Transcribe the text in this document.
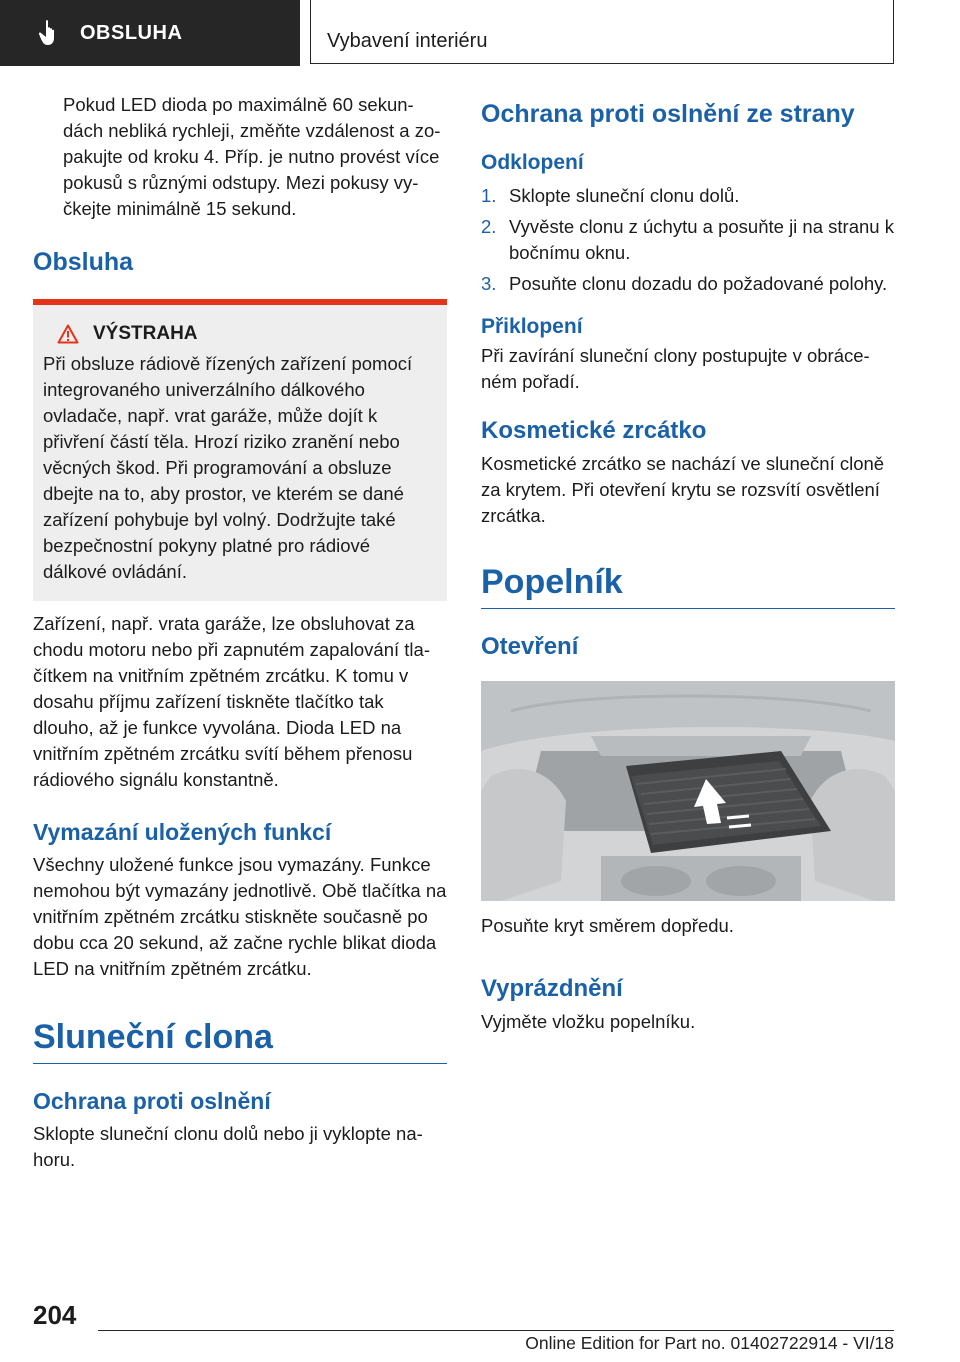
OBSLUHA	Vybavení interiéru

Pokud LED dioda po maximálně 60 sekundách nebliká rychleji, změňte vzdálenost a zopakujte od kroku 4. Příp. je nutno provést více pokusů s různými odstupy. Mezi pokusy vyčkejte minimálně 15 sekund.

Obsluha
VÝSTRAHA

Při obsluze rádiově řízených zařízení pomocí integrovaného univerzálního dálkového ovladače, např. vrat garáže, může dojít k přivření částí těla. Hrozí riziko zranění nebo věcných škod. Při programování a obsluze dbejte na to, aby prostor, ve kterém se dané zařízení pohybuje byl volný. Dodržujte také bezpečnostní pokyny platné pro rádiové dálkové ovládání.

Zařízení, např. vrata garáže, lze obsluhovat za chodu motoru nebo při zapnutém zapalování tlačítkem na vnitřním zpětném zrcátku. K tomu v dosahu příjmu zařízení tiskněte tlačítko tak dlouho, až je funkce vyvolána. Dioda LED na vnitřním zpětném zrcátku svítí během přenosu rádiového signálu konstantně.

Vymazání uložených funkcí

Všechny uložené funkce jsou vymazány. Funkce nemohou být vymazány jednotlivě. Obě tlačítka na vnitřním zpětném zrcátku stiskněte současně po dobu cca 20 sekund, až začne rychle blikat dioda LED na vnitřním zpětném zrcátku.

Sluneční clona
Ochrana proti oslnění

Sklopte sluneční clonu dolů nebo ji vyklopte nahoru.

Ochrana proti oslnění ze strany
Odklopení
1. Sklopte sluneční clonu dolů.
2. Vyvěste clonu z úchytu a posuňte ji na stranu k bočnímu oknu.
3. Posuňte clonu dozadu do požadované polohy.
Přiklopení

Při zavírání sluneční clony postupujte v obráceném pořadí.

Kosmetické zrcátko

Kosmetické zrcátko se nachází ve sluneční cloně za krytem. Při otevření krytu se rozsvítí osvětlení zrcátka.

Popelník
Otevření

Posuňte kryt směrem dopředu.

Vyprázdnění

Vyjměte vložku popelníku.

204
Online Edition for Part no. 01402722914 - VI/18
